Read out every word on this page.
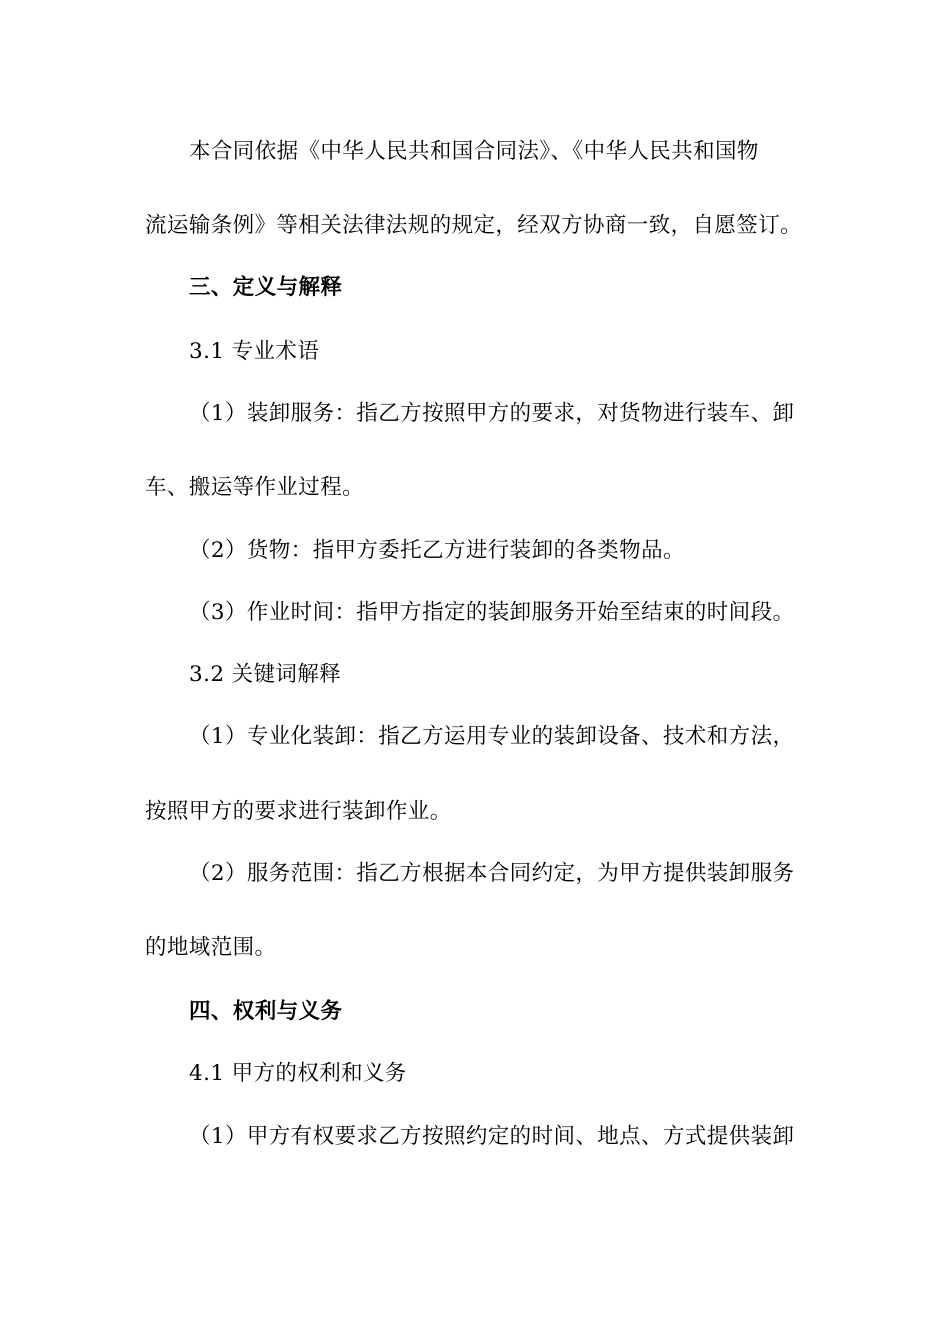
本合同依据《中华人民共和国合同法》、《中华人民共和国物
流运输条例》等相关法律法规的规定，经双方协商一致，自愿签订。
三、定义与解释
3.1 专业术语
（1）装卸服务：指乙方按照甲方的要求，对货物进行装车、卸
车、搬运等作业过程。
（2）货物：指甲方委托乙方进行装卸的各类物品。
（3）作业时间：指甲方指定的装卸服务开始至结束的时间段。
3.2 关键词解释
（1）专业化装卸：指乙方运用专业的装卸设备、技术和方法，
按照甲方的要求进行装卸作业。
（2）服务范围：指乙方根据本合同约定，为甲方提供装卸服务
的地域范围。
四、权利与义务
4.1 甲方的权利和义务
（1）甲方有权要求乙方按照约定的时间、地点、方式提供装卸
